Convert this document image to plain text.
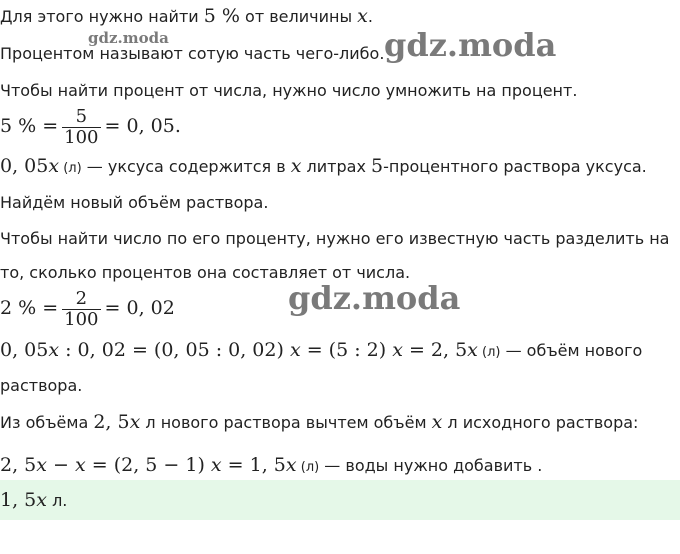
Для этого нужно найти 5 % от величины x.
gdz.moda
Процентом называют сотую часть чего-либо. gdz.moda
Чтобы найти процент от числа, нужно число умножить на процент.
5 % = $\frac{5}{100} = 0$, 05.
0, 05x (л) — уксуса содержится в x литрах 5-процентного раствора уксуса.
Найдём новый объём раствора.
Чтобы найти число по его проценту, нужно его известную часть разделить на
то, сколько процентов она составляет от числа.
gdz.moda
2 % = $\frac{2}{100} = 0$, 02
0, 05x : 0, 02 = (0, 05 : 0, 02) x = (5 : 2) x = 2, 5x (л) — объём нового
раствора.
Из объёма 2, 5x л нового раствора вычтем объём x л исходного раствора:
2, 5x − x = (2, 5 − 1) x = 1, 5x (л) — воды нужно добавить .
1, 5x л.
